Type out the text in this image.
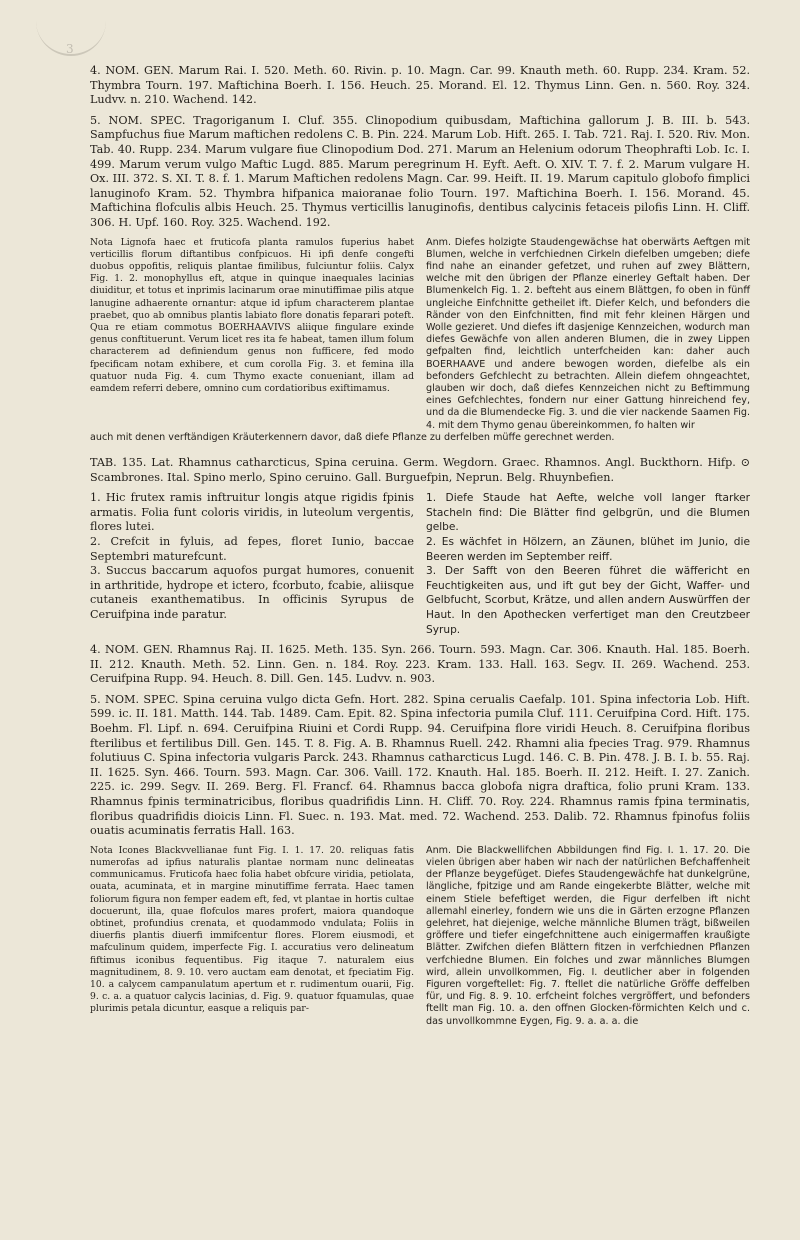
3

4. NOM. GEN. Marum Rai. I. 520. Meth. 60. Rivin. p. 10. Magn. Car. 99. Knauth meth. 60. Rupp. 234. Kram. 52. Thymbra Tourn. 197. Maftichina Boerh. I. 156. Heuch. 25. Morand. El. 12. Thymus Linn. Gen. n. 560. Roy. 324. Ludvv. n. 210. Wachend. 142.

5. NOM. SPEC. Tragoriganum I. Cluf. 355. Clinopodium quibusdam, Maftichina gallorum J. B. III. b. 543. Sampfuchus fiue Marum maftichen redolens C. B. Pin. 224. Marum Lob. Hift. 265. I. Tab. 721. Raj. I. 520. Riv. Mon. Tab. 40. Rupp. 234. Marum vulgare fiue Clinopodium Dod. 271. Marum an Helenium odorum Theophrafti Lob. Ic. I. 499. Marum verum vulgo Maftic Lugd. 885. Marum peregrinum H. Eyft. Aeft. O. XIV. T. 7. f. 2. Marum vulgare H. Ox. III. 372. S. XI. T. 8. f. 1. Marum Maftichen redolens Magn. Car. 99. Heift. II. 19. Marum capitulo globofo fimplici lanuginofo Kram. 52. Thymbra hifpanica maioranae folio Tourn. 197. Maftichina Boerh. I. 156. Morand. 45. Maftichina flofculis albis Heuch. 25. Thymus verticillis lanuginofis, dentibus calycinis fetaceis pilofis Linn. H. Cliff. 306. H. Upf. 160. Roy. 325. Wachend. 192.

Nota Lignofa haec et fruticofa planta ramulos fuperius habet verticillis florum diftantibus confpicuos. Hi ipfi denfe congefti duobus oppofitis, reliquis plantae fimilibus, fulciuntur foliis. Calyx Fig. 1. 2. monophyllus eft, atque in quinque inaequales lacinias diuiditur, et totus et inprimis lacinarum orae minutiffimae pilis atque lanugine adhaerente ornantur: atque id ipfum characterem plantae praebet, quo ab omnibus plantis labiato flore donatis feparari poteft. Qua re etiam commotus BOERHAAVIVS aliique fingulare exinde genus conftituerunt. Verum licet res ita fe habeat, tamen illum folum characterem ad definiendum genus non fufficere, fed modo fpecificam notam exhibere, et cum corolla Fig. 3. et femina illa quatuor nuda Fig. 4. cum Thymo exacte conueniant, illam ad eamdem referri debere, omnino cum cordatioribus exiftimamus.

Anm. Diefes holzigte Staudengewächse hat oberwärts Aeftgen mit Blumen, welche in verfchiednen Cirkeln diefelben umgeben; diefe find nahe an einander gefetzet, und ruhen auf zwey Blättern, welche mit den übrigen der Pflanze einerley Geftalt haben. Der Blumenkelch Fig. 1. 2. befteht aus einem Blättgen, fo oben in fünff ungleiche Einfchnitte getheilet ift. Diefer Kelch, und befonders die Ränder von den Einfchnitten, find mit fehr kleinen Härgen und Wolle gezieret. Und diefes ift dasjenige Kennzeichen, wodurch man diefes Gewächfe von allen anderen Blumen, die in zwey Lippen gefpalten find, leichtlich unterfcheiden kan: daher auch BOERHAAVE und andere bewogen worden, diefelbe als ein befonders Gefchlecht zu betrachten. Allein diefem ohngeachtet, glauben wir doch, daß diefes Kennzeichen nicht zu Beftimmung eines Gefchlechtes, fondern nur einer Gattung hinreichend fey, und da die Blumendecke Fig. 3. und die vier nackende Saamen Fig. 4. mit dem Thymo genau übereinkommen, fo halten wir

auch mit denen verftändigen Kräuterkennern davor, daß diefe Pflanze zu derfelben müffe gerechnet werden.

TAB. 135. Lat. Rhamnus catharcticus, Spina ceruina. Germ. Wegdorn. Graec. Rhamnos. Angl. Buckthorn. Hifp. ⊙ Scambrones. Ital. Spino merlo, Spino ceruino. Gall. Burguefpin, Neprun. Belg. Rhuynbefien.

1. Hic frutex ramis inftruitur longis atque rigidis fpinis armatis. Folia funt coloris viridis, in luteolum vergentis, flores lutei.

2. Crefcit in fyluis, ad fepes, floret Iunio, baccae Septembri maturefcunt.

3. Succus baccarum aquofos purgat humores, conuenit in arthritide, hydrope et ictero, fcorbuto, fcabie, aliisque cutaneis exanthematibus. In officinis Syrupus de Ceruifpina inde paratur.

1. Diefe Staude hat Aefte, welche voll langer ftarker Stacheln find: Die Blätter find gelbgrün, und die Blumen gelbe.

2. Es wächfet in Hölzern, an Zäunen, blühet im Junio, die Beeren werden im September reiff.

3. Der Safft von den Beeren führet die wäffericht en Feuchtigkeiten aus, und ift gut bey der Gicht, Waffer- und Gelbfucht, Scorbut, Krätze, und allen andern Auswürffen der Haut. In den Apothecken verfertiget man den Creutzbeer Syrup.

4. NOM. GEN. Rhamnus Raj. II. 1625. Meth. 135. Syn. 266. Tourn. 593. Magn. Car. 306. Knauth. Hal. 185. Boerh. II. 212. Knauth. Meth. 52. Linn. Gen. n. 184. Roy. 223. Kram. 133. Hall. 163. Segv. II. 269. Wachend. 253. Ceruifpina Rupp. 94. Heuch. 8. Dill. Gen. 145. Ludvv. n. 903.

5. NOM. SPEC. Spina ceruina vulgo dicta Gefn. Hort. 282. Spina cerualis Caefalp. 101. Spina infectoria Lob. Hift. 599. ic. II. 181. Matth. 144. Tab. 1489. Cam. Epit. 82. Spina infectoria pumila Cluf. 111. Ceruifpina Cord. Hift. 175. Boehm. Fl. Lipf. n. 694. Ceruifpina Riuini et Cordi Rupp. 94. Ceruifpina flore viridi Heuch. 8. Ceruifpina floribus fterilibus et fertilibus Dill. Gen. 145. T. 8. Fig. A. B. Rhamnus Ruell. 242. Rhamni alia fpecies Trag. 979. Rhamnus folutiuus C. Spina infectoria vulgaris Parck. 243. Rhamnus catharcticus Lugd. 146. C. B. Pin. 478. J. B. I. b. 55. Raj. II. 1625. Syn. 466. Tourn. 593. Magn. Car. 306. Vaill. 172. Knauth. Hal. 185. Boerh. II. 212. Heift. I. 27. Zanich. 225. ic. 299. Segv. II. 269. Berg. Fl. Francf. 64. Rhamnus bacca globofa nigra draftica, folio pruni Kram. 133. Rhamnus fpinis terminatricibus, floribus quadrifidis Linn. H. Cliff. 70. Roy. 224. Rhamnus ramis fpina terminatis, floribus quadrifidis dioicis Linn. Fl. Suec. n. 193. Mat. med. 72. Wachend. 253. Dalib. 72. Rhamnus fpinofus foliis ouatis acuminatis ferratis Hall. 163.

Nota Icones Blackvvellianae funt Fig. I. 1. 17. 20. reliquas fatis numerofas ad ipfius naturalis plantae normam nunc delineatas communicamus. Fruticofa haec folia habet obfcure viridia, petiolata, ouata, acuminata, et in margine minutiffime ferrata. Haec tamen foliorum figura non femper eadem eft, fed, vt plantae in hortis cultae docuerunt, illa, quae flofculos mares profert, maiora quandoque obtinet, profundius crenata, et quodammodo vndulata; Foliis in diuerfis plantis diuerfi immifcentur flores. Florem eiusmodi, et mafculinum quidem, imperfecte Fig. I. accuratius vero delineatum fiftimus iconibus fequentibus. Fig itaque 7. naturalem eius magnitudinem, 8. 9. 10. vero auctam eam denotat, et fpeciatim Fig. 10. a calycem campanulatum apertum et r. rudimentum ouarii, Fig. 9. c. a. a quatuor calycis lacinias, d. Fig. 9. quatuor fquamulas, quae plurimis petala dicuntur, easque a reliquis par-

Anm. Die Blackwellifchen Abbildungen find Fig. I. 1. 17. 20. Die vielen übrigen aber haben wir nach der natürlichen Befchaffenheit der Pflanze beygefüget. Diefes Staudengewächfe hat dunkelgrüne, längliche, fpitzige und am Rande eingekerbte Blätter, welche mit einem Stiele befeftiget werden, die Figur derfelben ift nicht allemahl einerley, fondern wie uns die in Gärten erzogne Pflanzen gelehret, hat diejenige, welche männliche Blumen trägt, bißweilen gröffere und tiefer eingefchnittene auch einigermaffen kraußigte Blätter. Zwifchen diefen Blättern fitzen in verfchiednen Pflanzen verfchiedne Blumen. Ein folches und zwar männliches Blumgen wird, allein unvollkommen, Fig. I. deutlicher aber in folgenden Figuren vorgeftellet: Fig. 7. ftellet die natürliche Gröffe deffelben für, und Fig. 8. 9. 10. erfcheint folches vergröffert, und befonders ftellt man Fig. 10. a. den offnen Glocken-förmichten Kelch und c. das unvollkommne Eygen, Fig. 9. a. a. a. die
